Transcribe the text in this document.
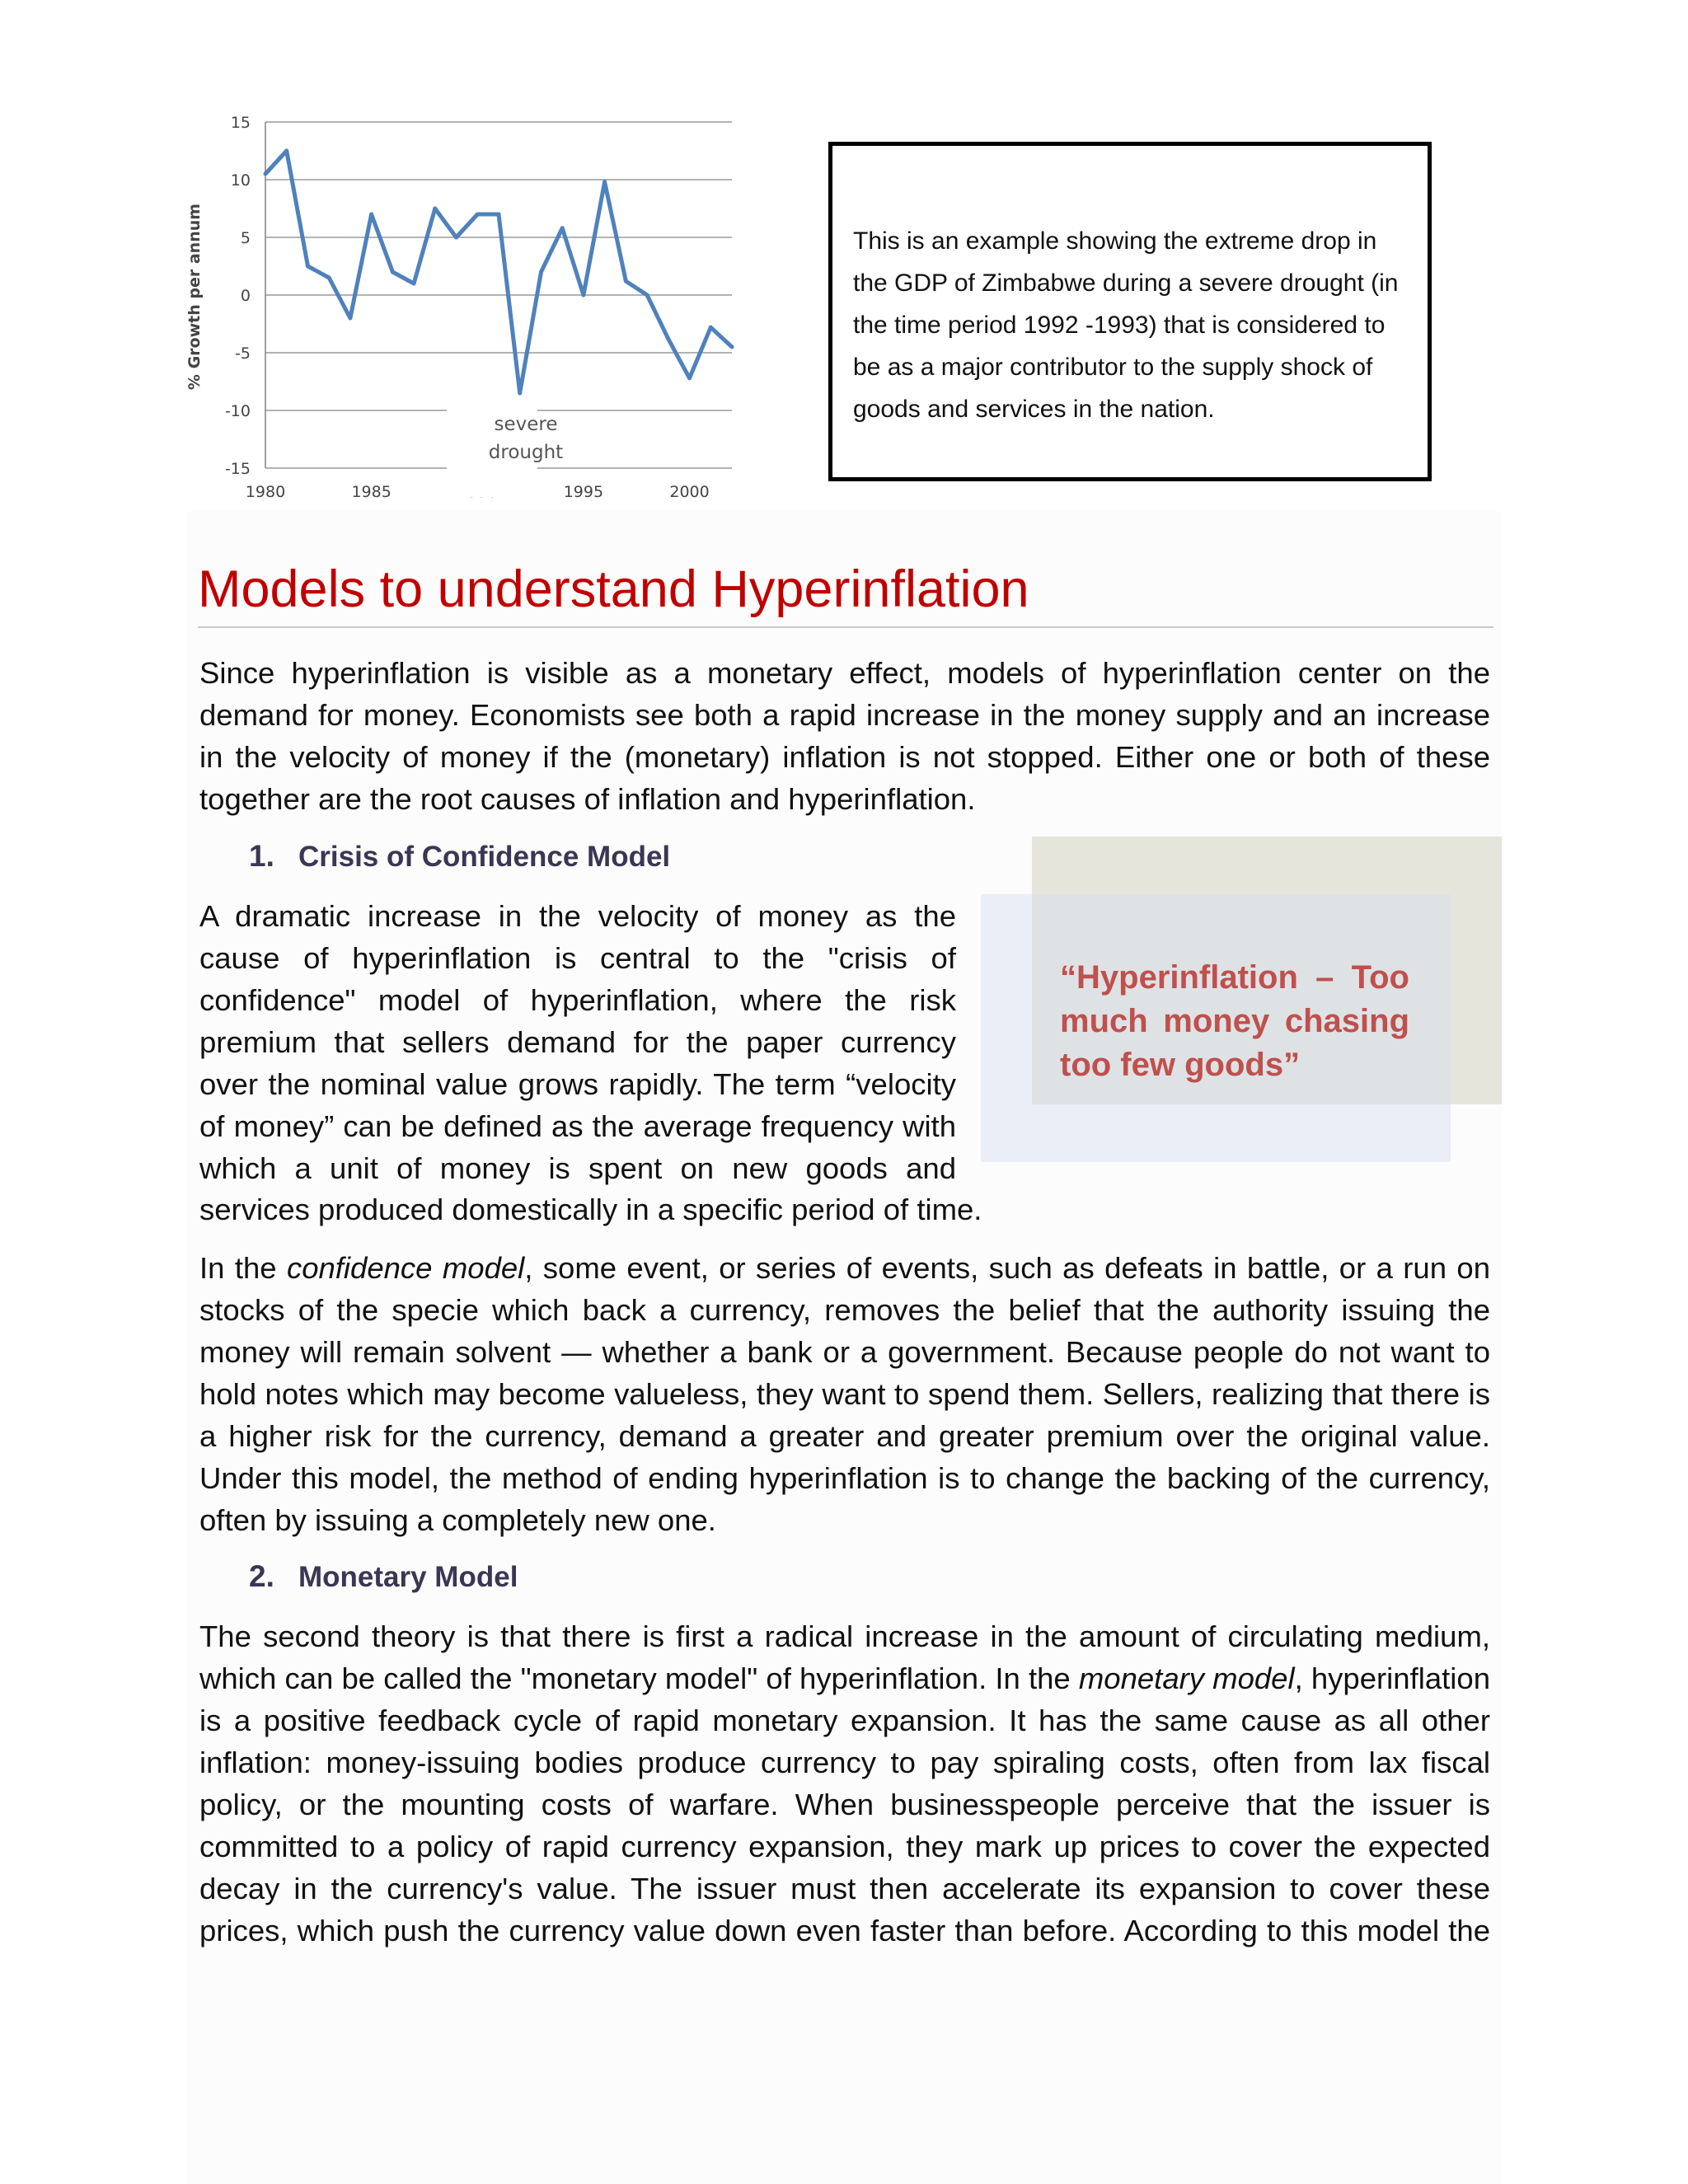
15
10
5
0
-5
-10
-15
1980	1985	1995	2000
severe
drought
% Growth per annum	This is an example showing the extreme drop in

the GDP of Zimbabwe during a severe drought (in

the time period 1992 -1993) that is considered to

be as a major contributor to the supply shock of

goods and services in the nation.

Models to understand Hyperinflation

Since hyperinflation is visible as a monetary effect, models of hyperinflation center on the demand for money. Economists see both a rapid increase in the money supply and an increase in the velocity of money if the (monetary) inflation is not stopped. Either one or both of these together are the root causes of inflation and hyperinflation.

1. Crisis of Confidence Model

“Hyperinflation – Too much money chasing too few goods”

A dramatic increase in the velocity of money as the cause of hyperinflation is central to the "crisis of confidence" model of hyperinflation, where the risk premium that sellers demand for the paper currency over the nominal value grows rapidly. The term “velocity of money” can be defined as the average frequency with which a unit of money is spent on new goods and

services produced domestically in a specific period of time.

In the confidence model, some event, or series of events, such as defeats in battle, or a run on stocks of the specie which back a currency, removes the belief that the authority issuing the money will remain solvent — whether a bank or a government. Because people do not want to hold notes which may become valueless, they want to spend them. Sellers, realizing that there is a higher risk for the currency, demand a greater and greater premium over the original value. Under this model, the method of ending hyperinflation is to change the backing of the currency, often by issuing a completely new one.

2. Monetary Model

The second theory is that there is first a radical increase in the amount of circulating medium, which can be called the "monetary model" of hyperinflation. In the monetary model, hyperinflation is a positive feedback cycle of rapid monetary expansion. It has the same cause as all other inflation: money-issuing bodies produce currency to pay spiraling costs, often from lax fiscal policy, or the mounting costs of warfare. When businesspeople perceive that the issuer is committed to a policy of rapid currency expansion, they mark up prices to cover the expected decay in the currency's value. The issuer must then accelerate its expansion to cover these prices, which push the currency value down even faster than before. According to this model the
